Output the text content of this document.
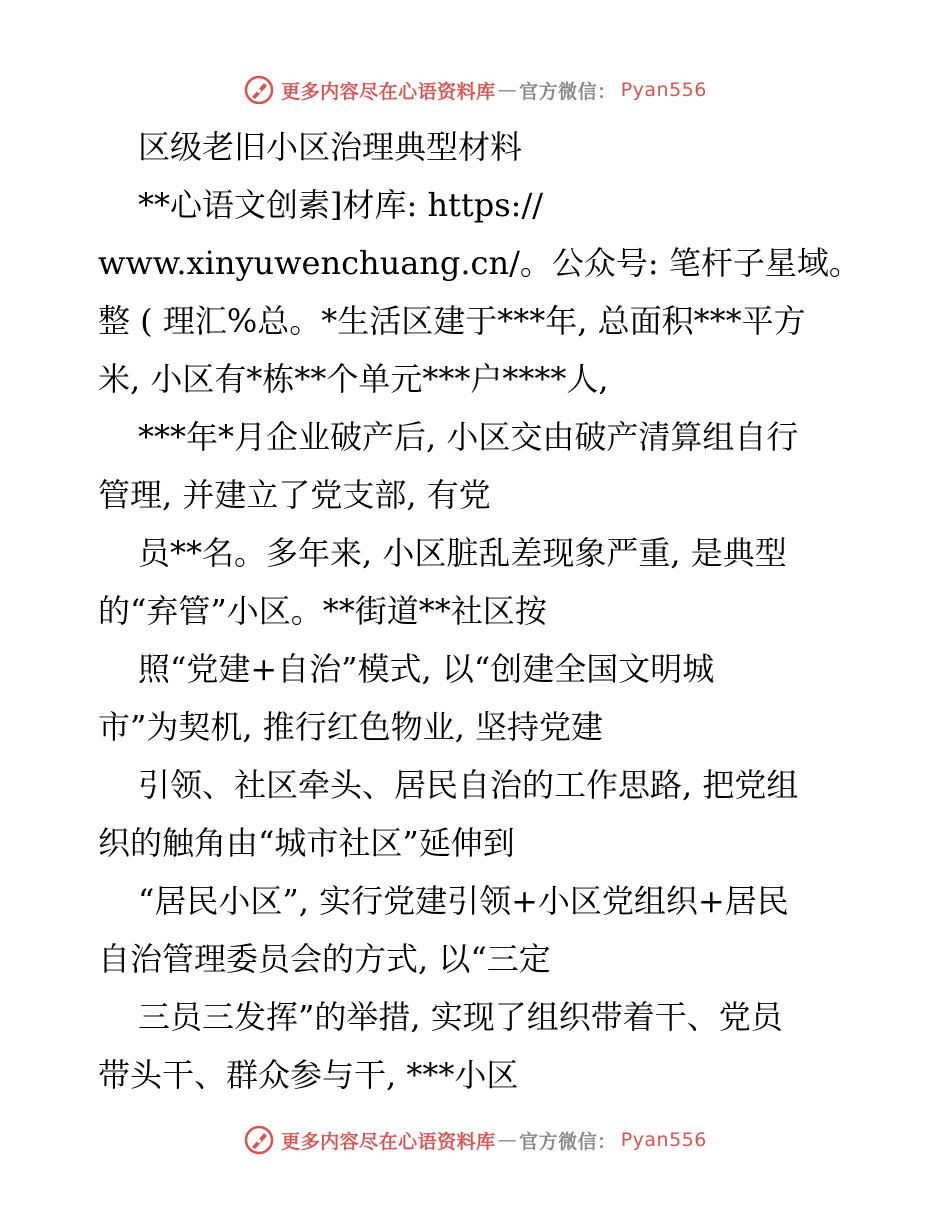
更多内容尽在心语资料库 — 官方微信： Pyan556
区级老旧小区治理典型材料
**心语文创素]材库: https://
www.xinyuwenchuang.cn/。公众号: 笔杆子星域。
整 ( 理汇%总。*生活区建于***年, 总面积***平方
米, 小区有*栋**个单元***户****人,
***年*月企业破产后, 小区交由破产清算组自行
管理, 并建立了党支部, 有党
员**名。多年来, 小区脏乱差现象严重, 是典型
的“弃管”小区。**街道**社区按
照“党建+自治”模式, 以“创建全国文明城
市”为契机, 推行红色物业, 坚持党建
引领、社区牵头、居民自治的工作思路, 把党组
织的触角由“城市社区”延伸到
“居民小区”, 实行党建引领+小区党组织+居民
自治管理委员会的方式, 以“三定
三员三发挥”的举措, 实现了组织带着干、党员
带头干、群众参与干, ***小区
更多内容尽在心语资料库 — 官方微信： Pyan556
